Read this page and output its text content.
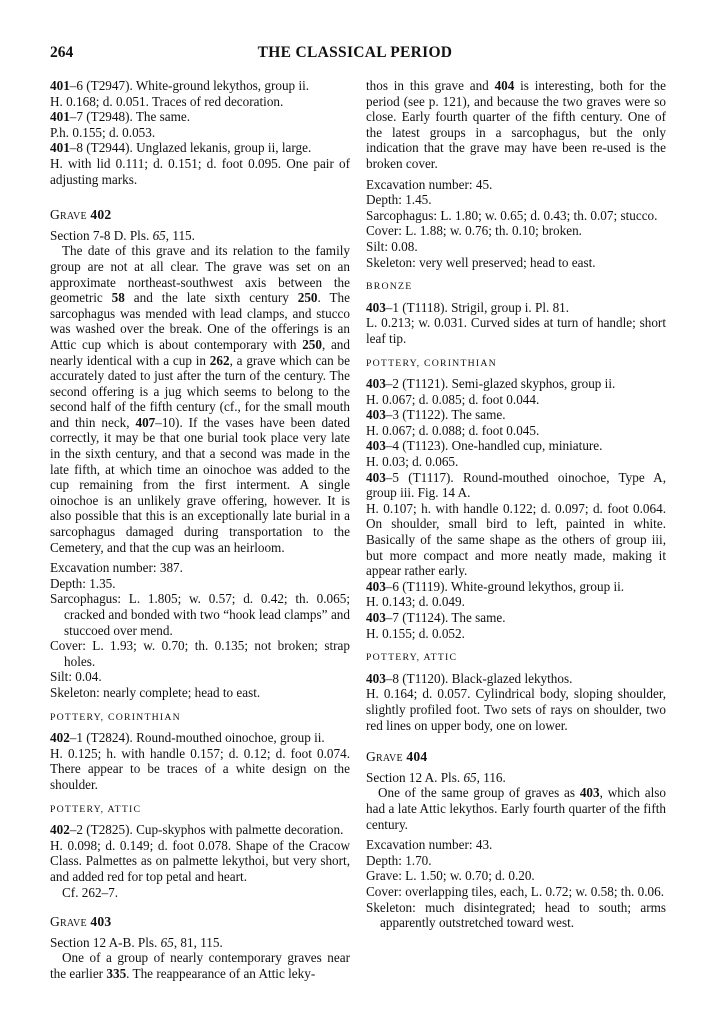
264	THE CLASSICAL PERIOD

401–6 (T2947). White-ground lekythos, group ii.
H. 0.168; d. 0.051. Traces of red decoration.

401–7 (T2948). The same.
P.h. 0.155; d. 0.053.

401–8 (T2944). Unglazed lekanis, group ii, large.
H. with lid 0.111; d. 0.151; d. foot 0.095. One pair of adjusting marks.

Grave 402

Section 7-8 D. Pls. 65, 115.

The date of this grave and its relation to the family group are not at all clear. The grave was set on an approximate northeast-southwest axis between the geometric 58 and the late sixth century 250. The sarcophagus was mended with lead clamps, and stucco was washed over the break. One of the offerings is an Attic cup which is about contemporary with 250, and nearly identical with a cup in 262, a grave which can be accurately dated to just after the turn of the century. The second offering is a jug which seems to belong to the second half of the fifth century (cf., for the small mouth and thin neck, 407–10). If the vases have been dated correctly, it may be that one burial took place very late in the sixth century, and that a second was made in the late fifth, at which time an oinochoe was added to the cup remaining from the first interment. A single oinochoe is an unlikely grave offering, however. It is also possible that this is an exceptionally late burial in a sarcophagus damaged during transportation to the Cemetery, and that the cup was an heirloom.

Excavation number: 387.

Depth: 1.35.

Sarcophagus: L. 1.805; w. 0.57; d. 0.42; th. 0.065; cracked and bonded with two “hook lead clamps” and stuccoed over mend.

Cover: L. 1.93; w. 0.70; th. 0.135; not broken; strap holes.

Silt: 0.04.

Skeleton: nearly complete; head to east.

POTTERY, CORINTHIAN

402–1 (T2824). Round-mouthed oinochoe, group ii.
H. 0.125; h. with handle 0.157; d. 0.12; d. foot 0.074. There appear to be traces of a white design on the shoulder.

POTTERY, ATTIC

402–2 (T2825). Cup-skyphos with palmette decoration.
H. 0.098; d. 0.149; d. foot 0.078. Shape of the Cracow Class. Palmettes as on palmette lekythoi, but very short, and added red for top petal and heart.

Cf. 262–7.

Grave 403

Section 12 A-B. Pls. 65, 81, 115.

One of a group of nearly contemporary graves near the earlier 335. The reappearance of an Attic leky-

thos in this grave and 404 is interesting, both for the period (see p. 121), and because the two graves were so close. Early fourth quarter of the fifth century. One of the latest groups in a sarcophagus, but the only indication that the grave may have been re-used is the broken cover.

Excavation number: 45.

Depth: 1.45.

Sarcophagus: L. 1.80; w. 0.65; d. 0.43; th. 0.07; stucco.

Cover: L. 1.88; w. 0.76; th. 0.10; broken.

Silt: 0.08.

Skeleton: very well preserved; head to east.

BRONZE

403–1 (T1118). Strigil, group i. Pl. 81.
L. 0.213; w. 0.031. Curved sides at turn of handle; short leaf tip.

POTTERY, CORINTHIAN

403–2 (T1121). Semi-glazed skyphos, group ii.
H. 0.067; d. 0.085; d. foot 0.044.

403–3 (T1122). The same.
H. 0.067; d. 0.088; d. foot 0.045.

403–4 (T1123). One-handled cup, miniature.
H. 0.03; d. 0.065.

403–5 (T1117). Round-mouthed oinochoe, Type A, group iii. Fig. 14 A.
H. 0.107; h. with handle 0.122; d. 0.097; d. foot 0.064. On shoulder, small bird to left, painted in white. Basically of the same shape as the others of group iii, but more compact and more neatly made, making it appear rather early.

403–6 (T1119). White-ground lekythos, group ii.
H. 0.143; d. 0.049.

403–7 (T1124). The same.
H. 0.155; d. 0.052.

POTTERY, ATTIC

403–8 (T1120). Black-glazed lekythos.
H. 0.164; d. 0.057. Cylindrical body, sloping shoulder, slightly profiled foot. Two sets of rays on shoulder, two red lines on upper body, one on lower.

Grave 404

Section 12 A. Pls. 65, 116.

One of the same group of graves as 403, which also had a late Attic lekythos. Early fourth quarter of the fifth century.

Excavation number: 43.

Depth: 1.70.

Grave: L. 1.50; w. 0.70; d. 0.20.

Cover: overlapping tiles, each, L. 0.72; w. 0.58; th. 0.06.

Skeleton: much disintegrated; head to south; arms apparently outstretched toward west.
